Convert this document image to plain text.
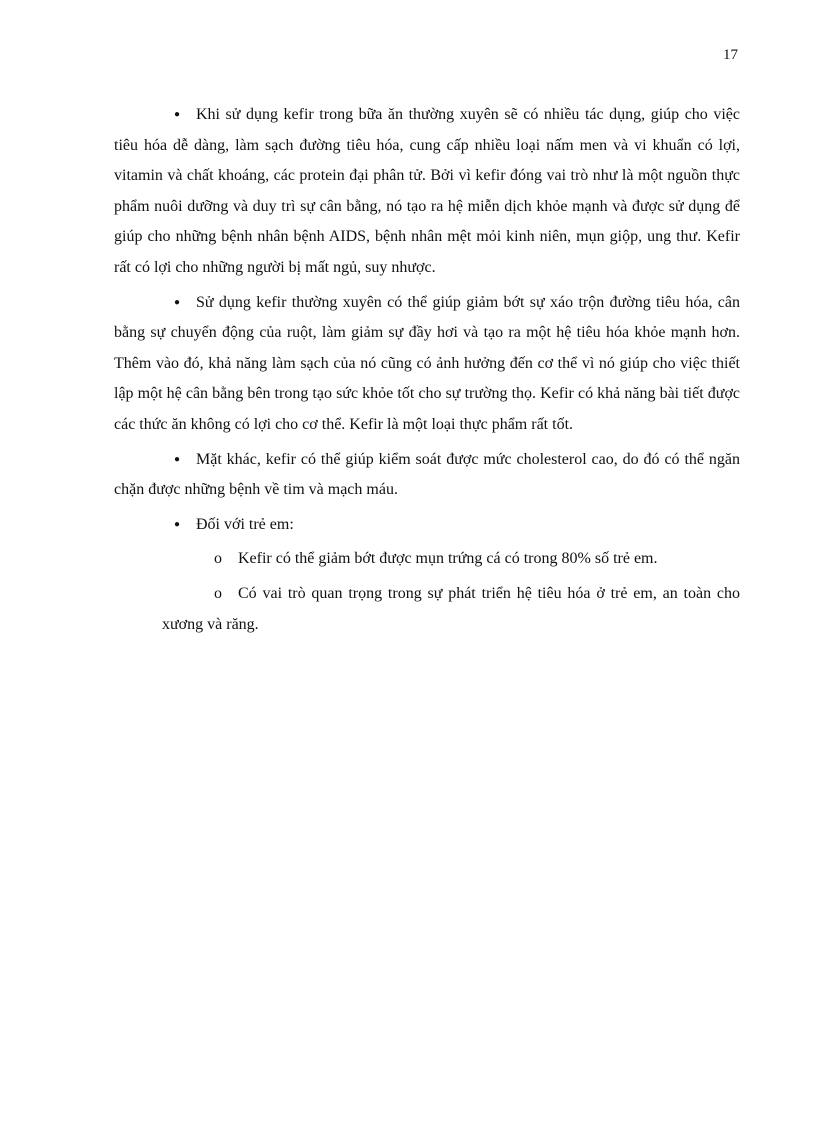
17

● Khi sử dụng kefir trong bữa ăn thường xuyên sẽ có nhiều tác dụng, giúp cho việc tiêu hóa dễ dàng, làm sạch đường tiêu hóa, cung cấp nhiều loại nấm men và vi khuẩn có lợi, vitamin và chất khoáng, các protein đại phân tử. Bởi vì kefir đóng vai trò như là một nguồn thực phẩm nuôi dưỡng và duy trì sự cân bằng, nó tạo ra hệ miễn dịch khỏe mạnh và được sử dụng để giúp cho những bệnh nhân bệnh AIDS, bệnh nhân mệt mỏi kinh niên, mụn giộp, ung thư. Kefir rất có lợi cho những người bị mất ngủ, suy nhược.

● Sử dụng kefir thường xuyên có thể giúp giảm bớt sự xáo trộn đường tiêu hóa, cân bằng sự chuyển động của ruột, làm giảm sự đầy hơi và tạo ra một hệ tiêu hóa khỏe mạnh hơn. Thêm vào đó, khả năng làm sạch của nó cũng có ảnh hưởng đến cơ thể vì nó giúp cho việc thiết lập một hệ cân bằng bên trong tạo sức khỏe tốt cho sự trường thọ. Kefir có khả năng bài tiết được các thức ăn không có lợi cho cơ thể. Kefir là một loại thực phẩm rất tốt.

● Mặt khác, kefir có thể giúp kiểm soát được mức cholesterol cao, do đó có thể ngăn chặn được những bệnh về tim và mạch máu.

● Đối với trẻ em:

o Kefir có thể giảm bớt được mụn trứng cá có trong 80% số trẻ em.

o Có vai trò quan trọng trong sự phát triển hệ tiêu hóa ở trẻ em, an toàn cho xương và răng.
